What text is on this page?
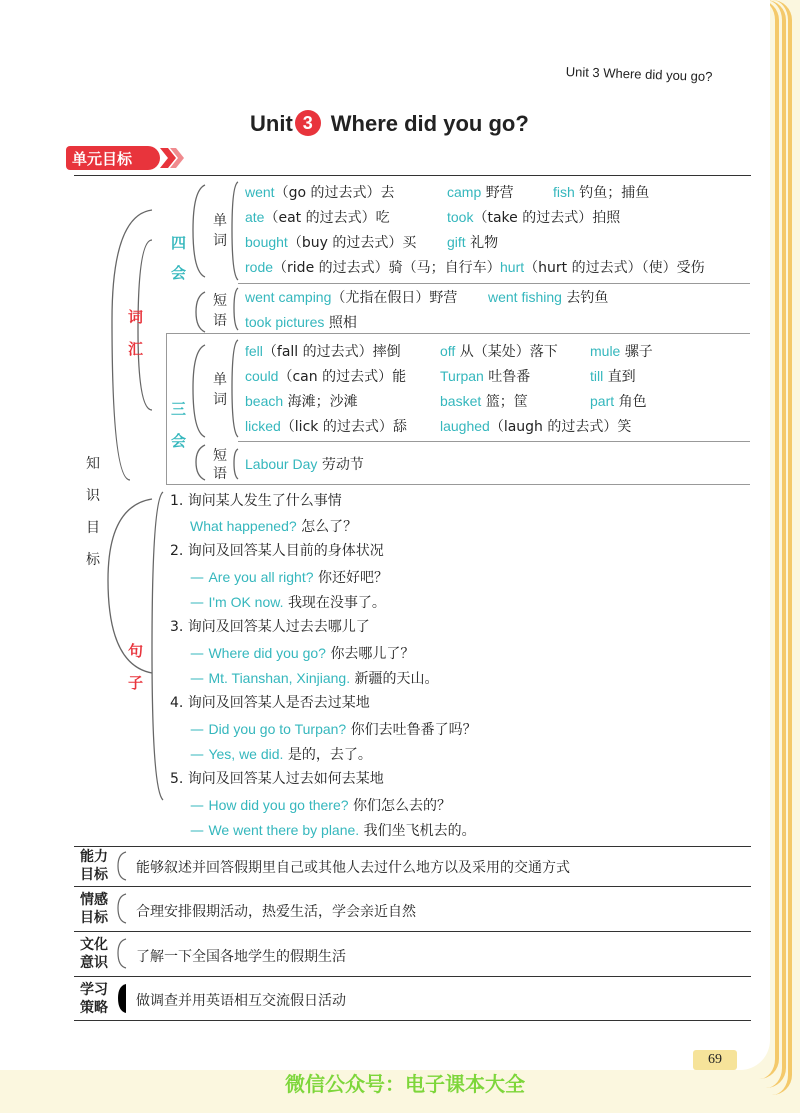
Unit 3 Where did you go?
Unit 3 Where did you go?
单元目标
知
识
目
标
词
汇
句
子
四
会
三
会
单
词
短
语
单
词
短
语
went（go 的过去式）去	camp 野营	fish 钓鱼；捕鱼
ate（eat 的过去式）吃	took（take 的过去式）拍照
bought（buy 的过去式）买 gift 礼物
rode（ride 的过去式）骑（马；自行车） hurt（hurt 的过去式）（使）受伤
went camping（尤指在假日）野营 went fishing 去钓鱼
took pictures 照相
fell（fall 的过去式）摔倒	off 从（某处）落下 mule 骡子
could（can 的过去式）能 Turpan 吐鲁番	till 直到
beach 海滩；沙滩	basket 篮；筐	part 角色
licked（lick 的过去式）舔 laughed（laugh 的过去式）笑
Labour Day 劳动节
1. 询问某人发生了什么事情
What happened? 怎么了？
2. 询问及回答某人目前的身体状况
— Are you all right? 你还好吧？
— I'm OK now. 我现在没事了。
3. 询问及回答某人过去去哪儿了
— Where did you go? 你去哪儿了？
— Mt. Tianshan, Xinjiang. 新疆的天山。
4. 询问及回答某人是否去过某地
— Did you go to Turpan? 你们去吐鲁番了吗？
— Yes, we did. 是的，去了。
5. 询问及回答某人过去如何去某地
— How did you go there? 你们怎么去的？
— We went there by plane. 我们坐飞机去的。
能力
目标	能够叙述并回答假期里自己或其他人去过什么地方以及采用的交通方式
情感
目标	合理安排假期活动，热爱生活，学会亲近自然
文化
意识	了解一下全国各地学生的假期生活
学习
策略	做调查并用英语相互交流假日活动
69
微信公众号：电子课本大全
